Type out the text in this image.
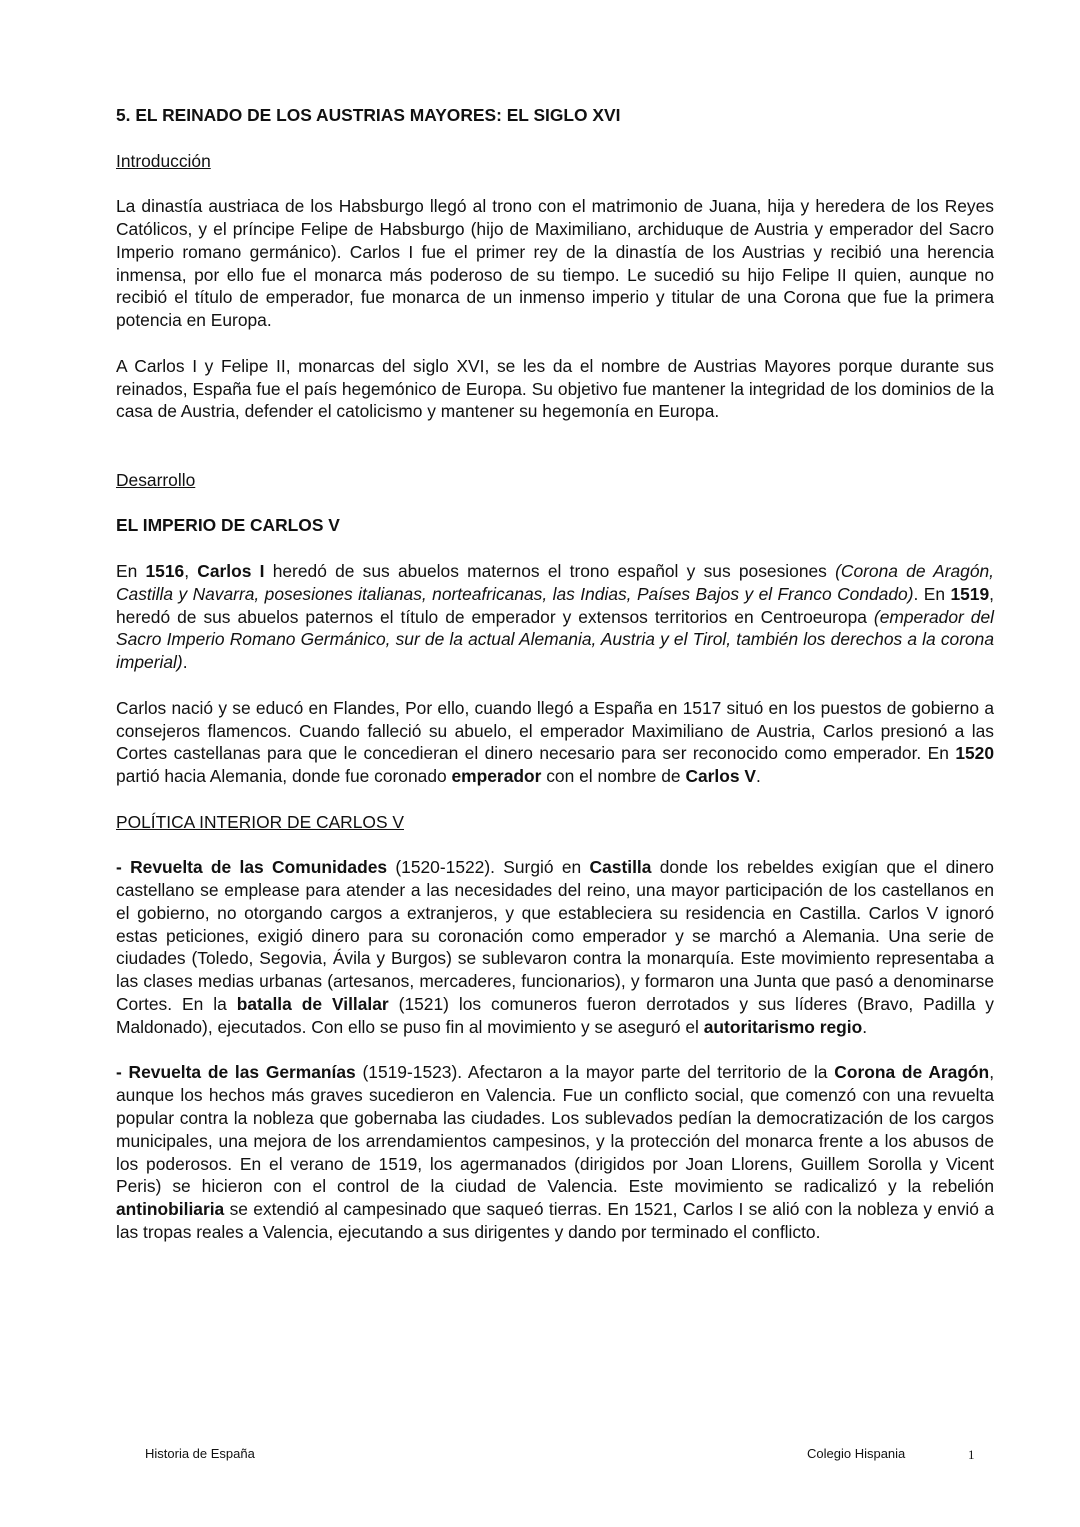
5. EL REINADO DE LOS AUSTRIAS MAYORES: EL SIGLO XVI
Introducción

La dinastía austriaca de los Habsburgo llegó al trono con el matrimonio de Juana, hija y heredera de los Reyes Católicos, y el príncipe Felipe de Habsburgo (hijo de Maximiliano, archiduque de Austria y emperador del Sacro Imperio romano germánico). Carlos I fue el primer rey de la dinastía de los Austrias y recibió una herencia inmensa, por ello fue el monarca más poderoso de su tiempo. Le sucedió su hijo Felipe II quien, aunque no recibió el título de emperador, fue monarca de un inmenso imperio y titular de una Corona que fue la primera potencia en Europa.

A Carlos I y Felipe II, monarcas del siglo XVI, se les da el nombre de Austrias Mayores porque durante sus reinados, España fue el país hegemónico de Europa. Su objetivo fue mantener la integridad de los dominios de la casa de Austria, defender el catolicismo y mantener su hegemonía en Europa.

Desarrollo
EL IMPERIO DE CARLOS V

En 1516, Carlos I heredó de sus abuelos maternos el trono español y sus posesiones (Corona de Aragón, Castilla y Navarra, posesiones italianas, norteafricanas, las Indias, Países Bajos y el Franco Condado). En 1519, heredó de sus abuelos paternos el título de emperador y extensos territorios en Centroeuropa (emperador del Sacro Imperio Romano Germánico, sur de la actual Alemania, Austria y el Tirol, también los derechos a la corona imperial).

Carlos nació y se educó en Flandes, Por ello, cuando llegó a España en 1517 situó en los puestos de gobierno a consejeros flamencos. Cuando falleció su abuelo, el emperador Maximiliano de Austria, Carlos presionó a las Cortes castellanas para que le concedieran el dinero necesario para ser reconocido como emperador. En 1520 partió hacia Alemania, donde fue coronado emperador con el nombre de Carlos V.

POLÍTICA INTERIOR DE CARLOS V

- Revuelta de las Comunidades (1520-1522). Surgió en Castilla donde los rebeldes exigían que el dinero castellano se emplease para atender a las necesidades del reino, una mayor participación de los castellanos en el gobierno, no otorgando cargos a extranjeros, y que estableciera su residencia en Castilla. Carlos V ignoró estas peticiones, exigió dinero para su coronación como emperador y se marchó a Alemania. Una serie de ciudades (Toledo, Segovia, Ávila y Burgos) se sublevaron contra la monarquía. Este movimiento representaba a las clases medias urbanas (artesanos, mercaderes, funcionarios), y formaron una Junta que pasó a denominarse Cortes. En la batalla de Villalar (1521) los comuneros fueron derrotados y sus líderes (Bravo, Padilla y Maldonado), ejecutados. Con ello se puso fin al movimiento y se aseguró el autoritarismo regio.

- Revuelta de las Germanías (1519-1523). Afectaron a la mayor parte del territorio de la Corona de Aragón, aunque los hechos más graves sucedieron en Valencia. Fue un conflicto social, que comenzó con una revuelta popular contra la nobleza que gobernaba las ciudades. Los sublevados pedían la democratización de los cargos municipales, una mejora de los arrendamientos campesinos, y la protección del monarca frente a los abusos de los poderosos. En el verano de 1519, los agermanados (dirigidos por Joan Llorens, Guillem Sorolla y Vicent Peris) se hicieron con el control de la ciudad de Valencia. Este movimiento se radicalizó y la rebelión antinobiliaria se extendió al campesinado que saqueó tierras. En 1521, Carlos I se alió con la nobleza y envió a las tropas reales a Valencia, ejecutando a sus dirigentes y dando por terminado el conflicto.

Historia de España	Colegio Hispania	1
